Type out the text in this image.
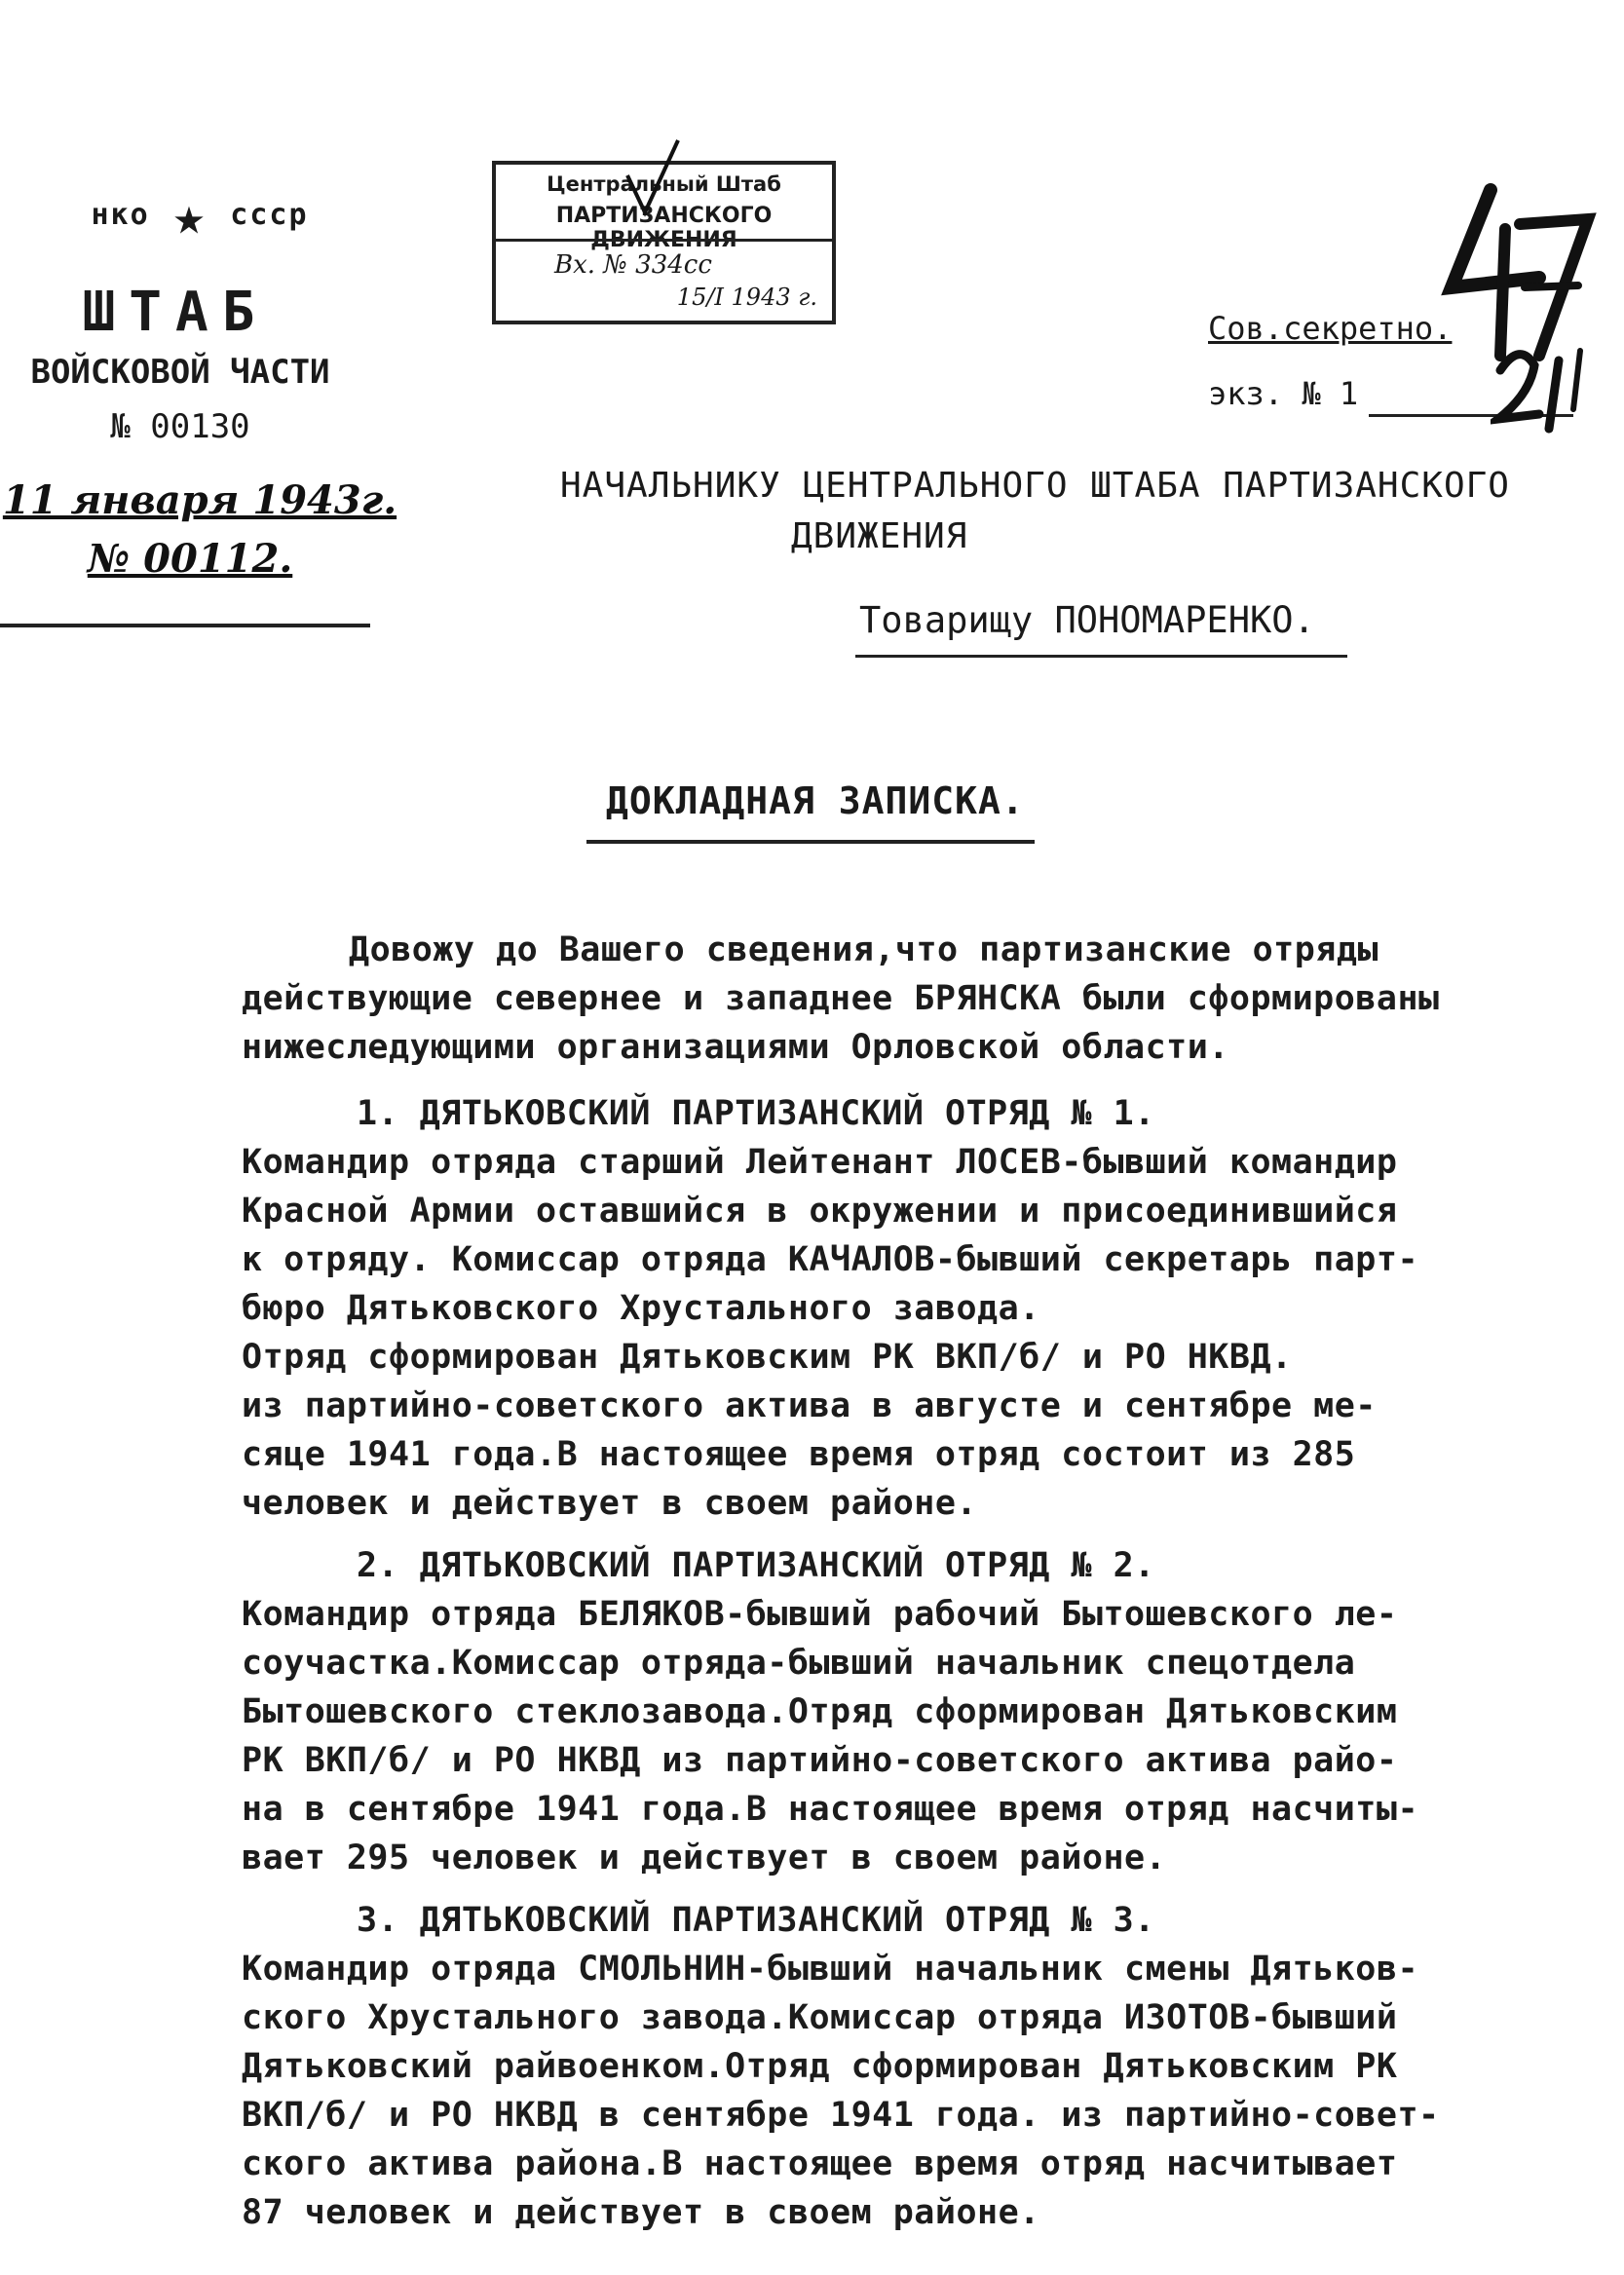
нко ★ ссср
ШТАБ
ВОЙСКОВОЙ ЧАСТИ
№ 00130
11 января 1943г.
№ 00112.
Центральный Штаб
ПАРТИЗАНСКОГО ДВИЖЕНИЯ
Вх. № 334сс
15/I 1943 г.
Сов.секретно.
экз. № 1
НАЧАЛЬНИКУ ЦЕНТРАЛЬНОГО ШТАБА ПАРТИЗАНСКОГО
ДВИЖЕНИЯ
Товарищу ПОНОМАРЕНКО.
ДОКЛАДНАЯ ЗАПИСКА.

Довожу до Вашего сведения,что партизанские отряды действующие севернее и западнее БРЯНСКА были сформированы нижеследующими организациями Орловской области.

1. ДЯТЬКОВСКИЙ ПАРТИЗАНСКИЙ ОТРЯД № 1.

Командир отряда старший Лейтенант ЛОСЕВ-бывший командир
Красной Армии оставшийся в окружении и присоединившийся
к отряду. Комиссар отряда КАЧАЛОВ-бывший секретарь парт-
бюро Дятьковского Хрустального завода.
Отряд сформирован Дятьковским РК ВКП/б/ и РО НКВД.
из партийно-советского актива в августе и сентябре ме-
сяце 1941 года.В настоящее время отряд состоит из 285
человек и действует в своем районе.

2. ДЯТЬКОВСКИЙ ПАРТИЗАНСКИЙ ОТРЯД № 2.

Командир отряда БЕЛЯКОВ-бывший рабочий Бытошевского ле-
соучастка.Комиссар отряда-бывший начальник спецотдела
Бытошевского стеклозавода.Отряд сформирован Дятьковским
РК ВКП/б/ и РО НКВД из партийно-советского актива райо-
на в сентябре 1941 года.В настоящее время отряд насчиты-
вает 295 человек и действует в своем районе.

3. ДЯТЬКОВСКИЙ ПАРТИЗАНСКИЙ ОТРЯД № 3.

Командир отряда СМОЛЬНИН-бывший начальник смены Дятьков-
ского Хрустального завода.Комиссар отряда ИЗОТОВ-бывший
Дятьковский райвоенком.Отряд сформирован Дятьковским РК
ВКП/б/ и РО НКВД в сентябре 1941 года. из партийно-совет-
ского актива района.В настоящее время отряд насчитывает
87 человек и действует в своем районе.
